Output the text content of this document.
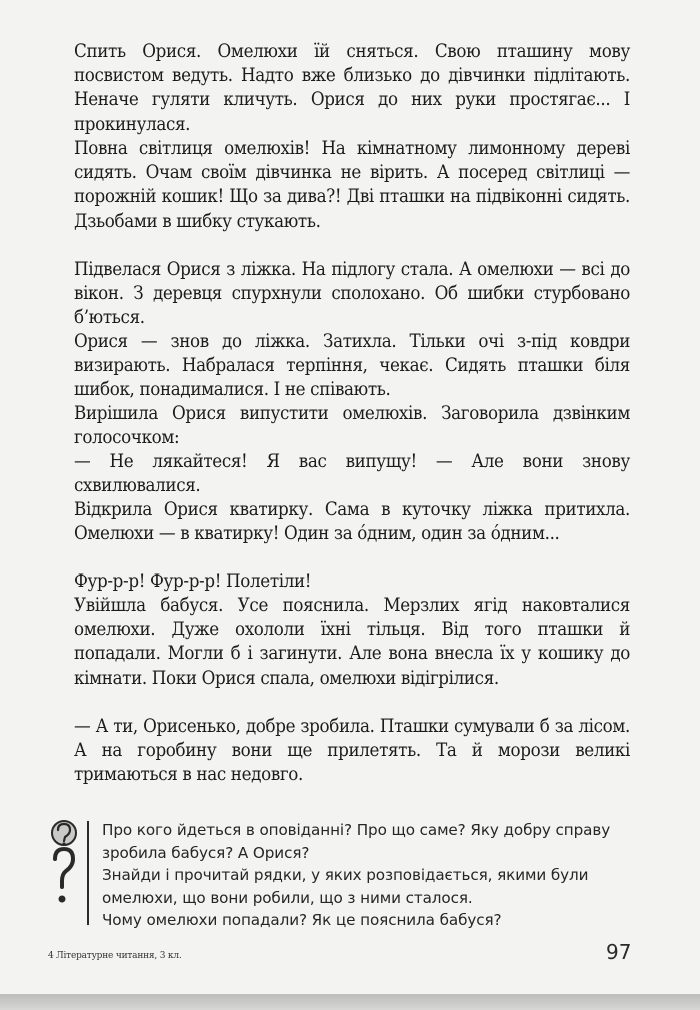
Спить Орися. Омелюхи їй сняться. Свою пташину мову посвистом ведуть. Надто вже близько до дівчинки підлітають. Неначе гуляти кличуть. Орися до них руки простягає... І прокинулася.

Повна світлиця омелюхів! На кімнатному лимонному дереві сидять. Очам своїм дівчинка не вірить. А посеред світлиці — порожній кошик! Що за дива?! Дві пташки на підвіконні сидять. Дзьобами в шибку стукають.

Підвелася Орися з ліжка. На підлогу стала. А омелюхи — всі до вікон. З деревця спурхнули сполохано. Об шибки стурбовано б’ються.

Орися — знов до ліжка. Затихла. Тільки очі з-під ковдри визирають. Набралася терпіння, чекає. Сидять пташки біля шибок, понадималися. І не співають.

Вирішила Орися випустити омелюхів. Заговорила дзвінким голосочком:

— Не лякайтеся! Я вас випущу! — Але вони знову схвилювалися.

Відкрила Орися кватирку. Сама в куточку ліжка притихла. Омелюхи — в кватирку! Один за о́дним, один за о́дним...

Фур-р-р! Фур-р-р! Полетіли!

Увійшла бабуся. Усе пояснила. Мерзлих ягід наковталися омелюхи. Дуже охололи їхні тільця. Від того пташки й попадали. Могли б і загинути. Але вона внесла їх у кошику до кімнати. Поки Орися спала, омелюхи відігрілися.

— А ти, Орисенько, добре зробила. Пташки сумували б за лісом. А на горобину вони ще прилетять. Та й морози великі тримаються в нас недовго.

Про кого йдеться в оповіданні? Про що саме? Яку добру справу зробила бабуся? А Орися?

Знайди і прочитай рядки, у яких розповідається, якими були омелюхи, що вони робили, що з ними сталося.

Чому омелюхи попадали? Як це пояснила бабуся?

4 Літературне читання, 3 кл.	97
